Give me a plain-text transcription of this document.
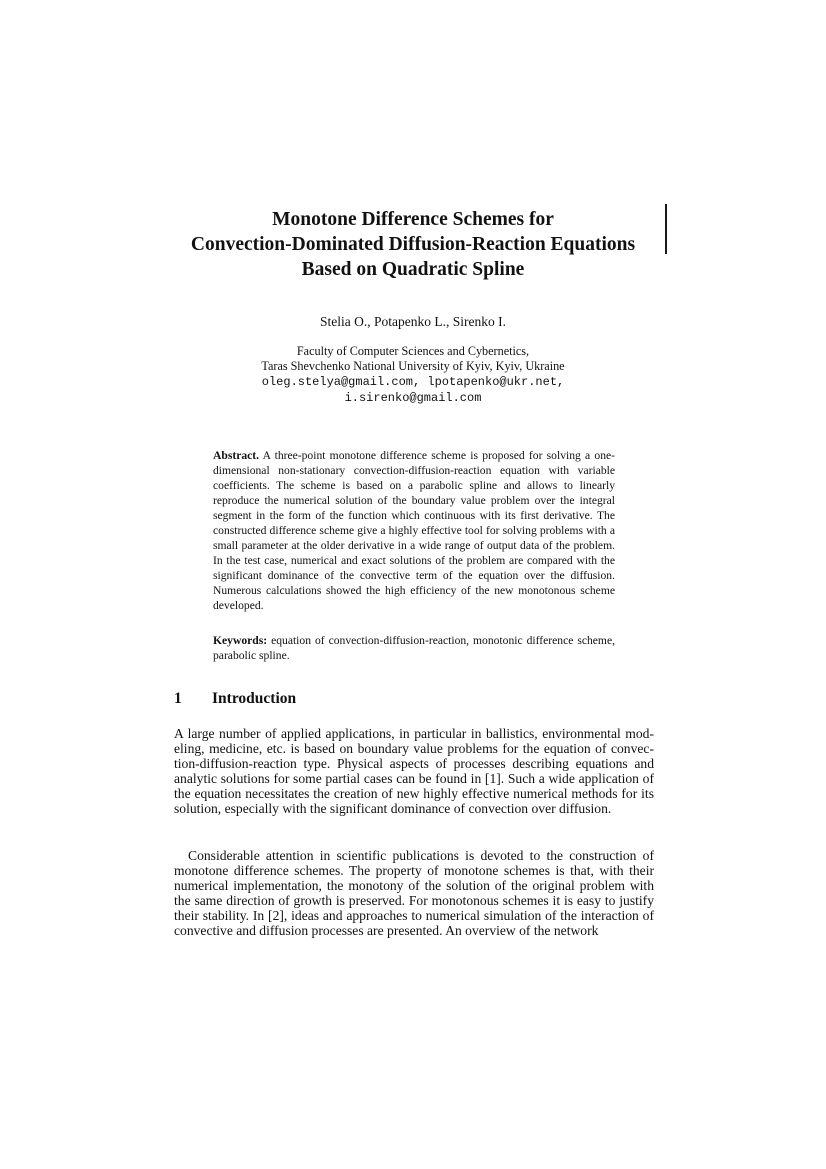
Monotone Difference Schemes for
Convection-Dominated Diffusion-Reaction Equations
Based on Quadratic Spline
Stelia O., Potapenko L., Sirenko I.
Faculty of Computer Sciences and Cybernetics,
Taras Shevchenko National University of Kyiv, Kyiv, Ukraine
oleg.stelya@gmail.com, lpotapenko@ukr.net,
i.sirenko@gmail.com

Abstract. A three-point monotone difference scheme is proposed for solving a one-dimensional non-stationary convection-diffusion-reaction equation with variable coefficients. The scheme is based on a parabolic spline and allows to linearly reproduce the numerical solution of the boundary value problem over the integral segment in the form of the function which continuous with its first derivative. The constructed difference scheme give a highly effective tool for solving problems with a small parameter at the older derivative in a wide range of output data of the problem. In the test case, numerical and exact solutions of the problem are compared with the significant dominance of the convective term of the equation over the diffusion. Numerous calculations showed the high efficiency of the new monotonous scheme developed.

Keywords: equation of convection-diffusion-reaction, monotonic difference scheme, parabolic spline.

1 Introduction

A large number of applied applications, in particular in ballistics, environmental modeling, medicine, etc. is based on boundary value problems for the equation of convection-diffusion-reaction type. Physical aspects of processes describing equations and analytic solutions for some partial cases can be found in [1]. Such a wide application of the equation necessitates the creation of new highly effective numerical methods for its solution, especially with the significant dominance of convection over diffusion.

Considerable attention in scientific publications is devoted to the construction of monotone difference schemes. The property of monotone schemes is that, with their numerical implementation, the monotony of the solution of the original problem with the same direction of growth is preserved. For monotonous schemes it is easy to justify their stability. In [2], ideas and approaches to numerical simulation of the interaction of convective and diffusion processes are presented. An overview of the network
